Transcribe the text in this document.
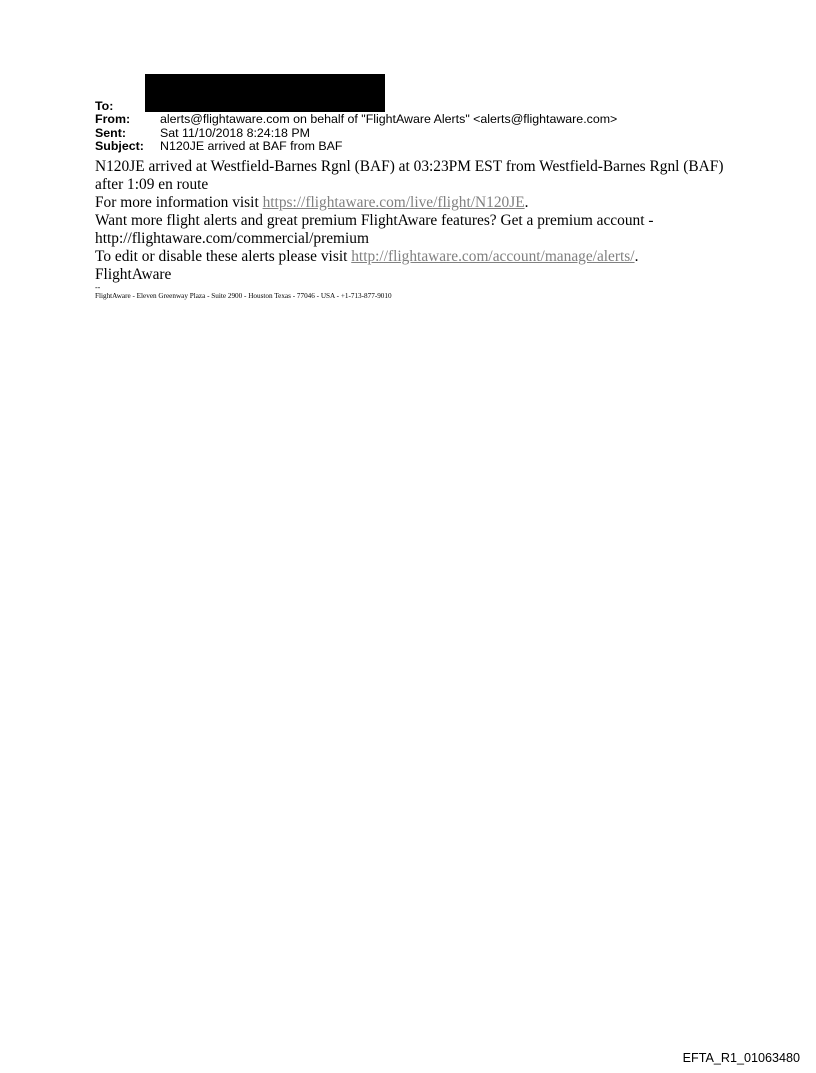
To:
From:	alerts@flightaware.com on behalf of "FlightAware Alerts" <alerts@flightaware.com>
Sent:	Sat 11/10/2018 8:24:18 PM
Subject:	N120JE arrived at BAF from BAF

N120JE arrived at Westfield-Barnes Rgnl (BAF) at 03:23PM EST from Westfield-Barnes Rgnl (BAF) after 1:09 en route

For more information visit https://flightaware.com/live/flight/N120JE.

Want more flight alerts and great premium FlightAware features? Get a premium account - http://flightaware.com/commercial/premium

To edit or disable these alerts please visit http://flightaware.com/account/manage/alerts/.

FlightAware

--
FlightAware - Eleven Greenway Plaza - Suite 2900 - Houston Texas - 77046 - USA - +1-713-877-9010
EFTA_R1_01063480
